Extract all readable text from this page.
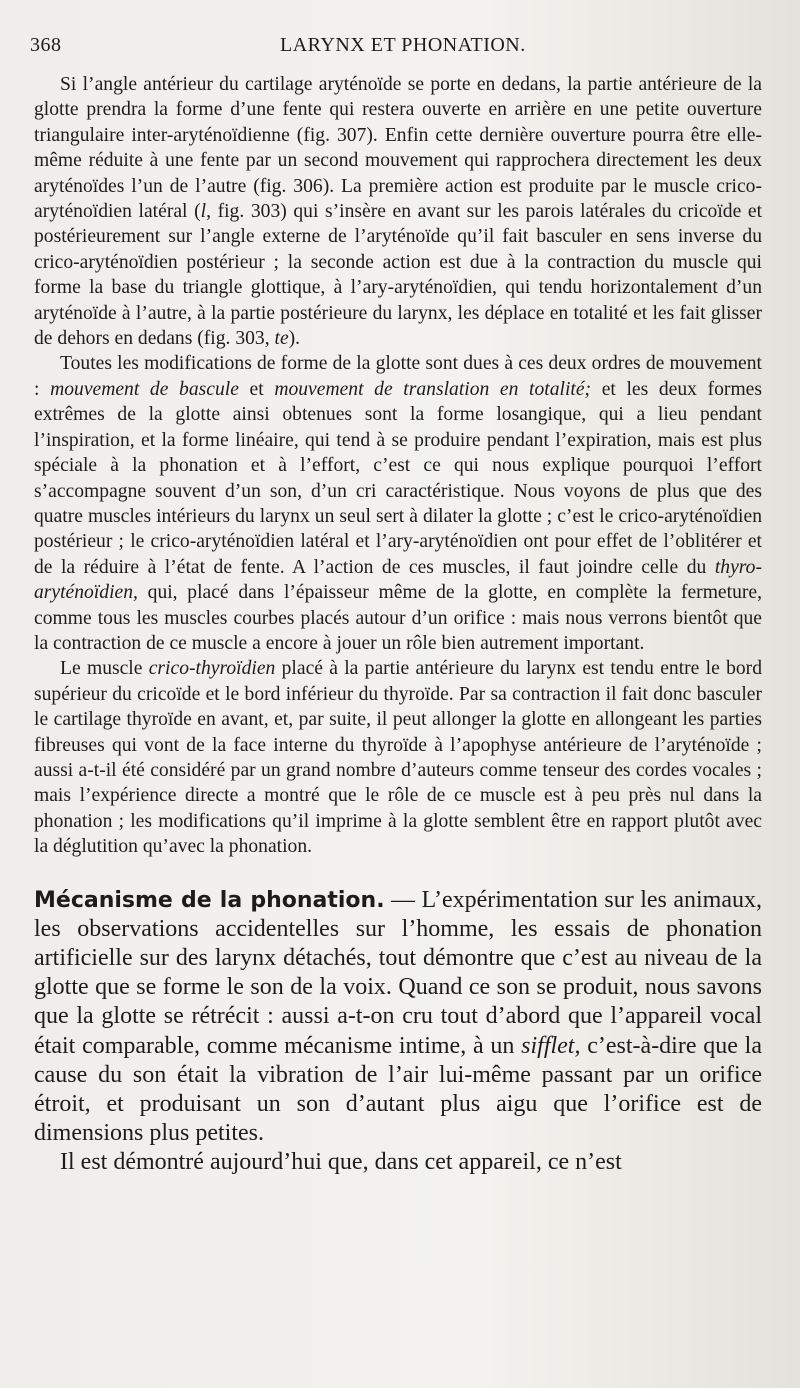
368	LARYNX ET PHONATION.

Si l’angle antérieur du cartilage aryténoïde se porte en dedans, la partie antérieure de la glotte prendra la forme d’une fente qui restera ouverte en arrière en une petite ouverture triangulaire inter-aryténoïdienne (fig. 307). Enfin cette dernière ouverture pourra être elle-même réduite à une fente par un second mouvement qui rapprochera directement les deux aryténoïdes l’un de l’autre (fig. 306). La première action est produite par le muscle crico-aryténoïdien latéral (l, fig. 303) qui s’insère en avant sur les parois latérales du cricoïde et postérieurement sur l’angle externe de l’aryténoïde qu’il fait basculer en sens inverse du crico-aryténoïdien postérieur ; la seconde action est due à la contraction du muscle qui forme la base du triangle glottique, à l’ary-aryténoïdien, qui tendu horizontalement d’un aryténoïde à l’autre, à la partie postérieure du larynx, les déplace en totalité et les fait glisser de dehors en dedans (fig. 303, te).

Toutes les modifications de forme de la glotte sont dues à ces deux ordres de mouvement : mouvement de bascule et mouvement de translation en totalité; et les deux formes extrêmes de la glotte ainsi obtenues sont la forme losangique, qui a lieu pendant l’inspiration, et la forme linéaire, qui tend à se produire pendant l’expiration, mais est plus spéciale à la phonation et à l’effort, c’est ce qui nous explique pourquoi l’effort s’accompagne souvent d’un son, d’un cri caractéristique. Nous voyons de plus que des quatre muscles intérieurs du larynx un seul sert à dilater la glotte ; c’est le crico-aryténoïdien postérieur ; le crico-aryténoïdien latéral et l’ary-aryténoïdien ont pour effet de l’oblitérer et de la réduire à l’état de fente. A l’action de ces muscles, il faut joindre celle du thyro-aryténoïdien, qui, placé dans l’épaisseur même de la glotte, en complète la fermeture, comme tous les muscles courbes placés autour d’un orifice : mais nous verrons bientôt que la contraction de ce muscle a encore à jouer un rôle bien autrement important.

Le muscle crico-thyroïdien placé à la partie antérieure du larynx est tendu entre le bord supérieur du cricoïde et le bord inférieur du thyroïde. Par sa contraction il fait donc basculer le cartilage thyroïde en avant, et, par suite, il peut allonger la glotte en allongeant les parties fibreuses qui vont de la face interne du thyroïde à l’apophyse antérieure de l’aryténoïde ; aussi a-t-il été considéré par un grand nombre d’auteurs comme tenseur des cordes vocales ; mais l’expérience directe a montré que le rôle de ce muscle est à peu près nul dans la phonation ; les modifications qu’il imprime à la glotte semblent être en rapport plutôt avec la déglutition qu’avec la phonation.

Mécanisme de la phonation. — L’expérimentation sur les animaux, les observations accidentelles sur l’homme, les essais de phonation artificielle sur des larynx détachés, tout démontre que c’est au niveau de la glotte que se forme le son de la voix. Quand ce son se produit, nous savons que la glotte se rétrécit : aussi a-t-on cru tout d’abord que l’appareil vocal était comparable, comme mécanisme intime, à un sifflet, c’est-à-dire que la cause du son était la vibration de l’air lui-même passant par un orifice étroit, et produisant un son d’autant plus aigu que l’orifice est de dimensions plus petites.

Il est démontré aujourd’hui que, dans cet appareil, ce n’est
